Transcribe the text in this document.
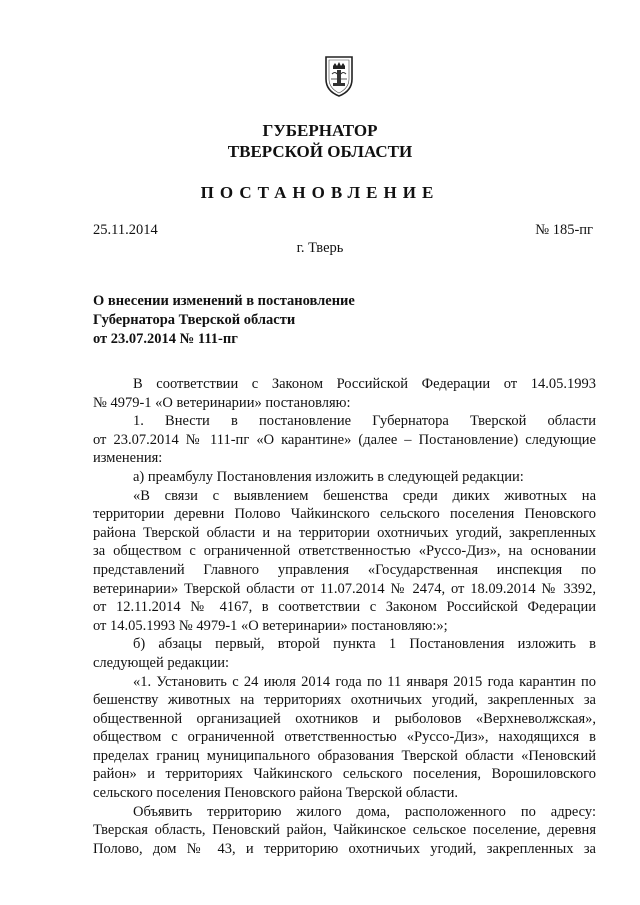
ГУБЕРНАТОР
ТВЕРСКОЙ ОБЛАСТИ
ПОСТАНОВЛЕНИЕ
25.11.2014	№ 185-пг
г. Тверь
О внесении изменений в постановление
Губернатора Тверской области
от 23.07.2014 № 111-пг
В соответствии с Законом Российской Федерации от 14.05.1993
№ 4979-1 «О ветеринарии» постановляю:
1. Внести в постановление Губернатора Тверской области
от 23.07.2014 № 111-пг «О карантине» (далее – Постановление) следующие
изменения:
а) преамбулу Постановления изложить в следующей редакции:
«В связи с выявлением бешенства среди диких животных на
территории деревни Полово Чайкинского сельского поселения Пеновского
района Тверской области и на территории охотничьих угодий, закрепленных
за обществом с ограниченной ответственностью «Руссо-Диз», на основании
представлений Главного управления «Государственная инспекция по
ветеринарии» Тверской области от 11.07.2014 № 2474, от 18.09.2014 № 3392,
от 12.11.2014 № 4167, в соответствии с Законом Российской Федерации
от 14.05.1993 № 4979-1 «О ветеринарии» постановляю:»;
б) абзацы первый, второй пункта 1 Постановления изложить в
следующей редакции:
«1. Установить с 24 июля 2014 года по 11 января 2015 года карантин по
бешенству животных на территориях охотничьих угодий, закрепленных за
общественной организацией охотников и рыболовов «Верхневолжская»,
обществом с ограниченной ответственностью «Руссо-Диз», находящихся в
пределах границ муниципального образования Тверской области «Пеновский
район» и территориях Чайкинского сельского поселения, Ворошиловского
сельского поселения Пеновского района Тверской области.
Объявить территорию жилого дома, расположенного по адресу:
Тверская область, Пеновский район, Чайкинское сельское поселение, деревня
Полово, дом № 43, и территорию охотничьих угодий, закрепленных за
